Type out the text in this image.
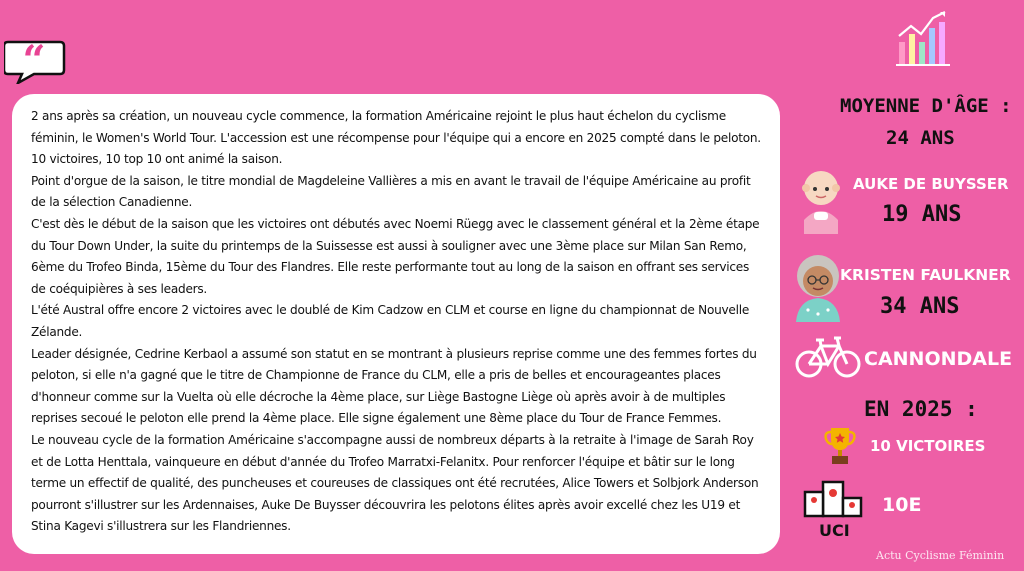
“

2 ans après sa création, un nouveau cycle commence, la formation Américaine rejoint le plus haut échelon du cyclisme féminin, le Women's World Tour. L'accession est une récompense pour l'équipe qui a encore en 2025 compté dans le peloton. 10 victoires, 10 top 10 ont animé la saison.

Point d'orgue de la saison, le titre mondial de Magdeleine Vallières a mis en avant le travail de l'équipe Américaine au profit de la sélection Canadienne.

C'est dès le début de la saison que les victoires ont débutés avec Noemi Rüegg avec le classement général et la 2ème étape du Tour Down Under, la suite du printemps de la Suissesse est aussi à souligner avec une 3ème place sur Milan San Remo, 6ème du Trofeo Binda, 15ème du Tour des Flandres. Elle reste performante tout au long de la saison en offrant ses services de coéquipières à ses leaders.

L'été Austral offre encore 2 victoires avec le doublé de Kim Cadzow en CLM et course en ligne du championnat de Nouvelle Zélande.

Leader désignée, Cedrine Kerbaol a assumé son statut en se montrant à plusieurs reprise comme une des femmes fortes du peloton, si elle n'a gagné que le titre de Championne de France du CLM, elle a pris de belles et encourageantes places d'honneur comme sur la Vuelta où elle décroche la 4ème place, sur Liège Bastogne Liège où après avoir à de multiples reprises secoué le peloton elle prend la 4ème place. Elle signe également une 8ème place du Tour de France Femmes.

Le nouveau cycle de la formation Américaine s'accompagne aussi de nombreux départs à la retraite à l'image de Sarah Roy et de Lotta Henttala, vainqueure en début d'année du Trofeo Marratxi-Felanitx. Pour renforcer l'équipe et bâtir sur le long terme un effectif de qualité, des puncheuses et coureuses de classiques ont été recrutées, Alice Towers et Solbjork Anderson pourront s'illustrer sur les Ardennaises, Auke De Buysser découvrira les pelotons élites après avoir excellé chez les U19 et Stina Kagevi s'illustrera sur les Flandriennes.

MOYENNE D'ÂGE :
24 ANS
AUKE DE BUYSSER
19 ANS
KRISTEN FAULKNER
34 ANS
CANNONDALE
EN 2025 :
10 VICTOIRES
10E
UCI
Actu Cyclisme Féminin
